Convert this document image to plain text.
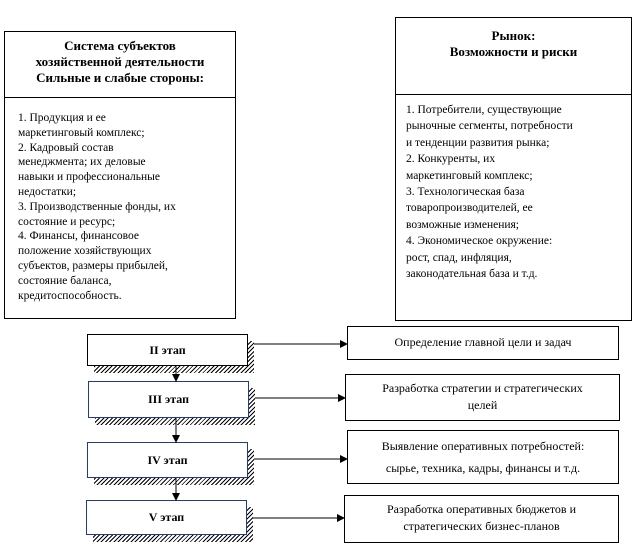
Система субъектов
хозяйственной деятельности
Сильные и слабые стороны:
1. Продукция и ее
маркетинговый комплекс;
2. Кадровый состав
менеджмента; их деловые
навыки и профессиональные
недостатки;
3. Производственные фонды, их
состояние и ресурс;
4. Финансы, финансовое
положение хозяйствующих
субъектов, размеры прибылей,
состояние баланса,
кредитоспособность.
Рынок:
Возможности и риски
1. Потребители, существующие
рыночные сегменты, потребности
и тенденции развития рынка;
2. Конкуренты, их
маркетинговый комплекс;
3. Технологическая база
товаропроизводителей, ее
возможные изменения;
4. Экономическое окружение:
рост, спад, инфляция,
законодательная база и т.д.
II этап
III этап
IV этап
V этап
Определение главной цели и задач
Разработка стратегии и стратегических
целей
Выявление оперативных потребностей:
сырье, техника, кадры, финансы и т.д.
Разработка оперативных бюджетов и
стратегических бизнес-планов
